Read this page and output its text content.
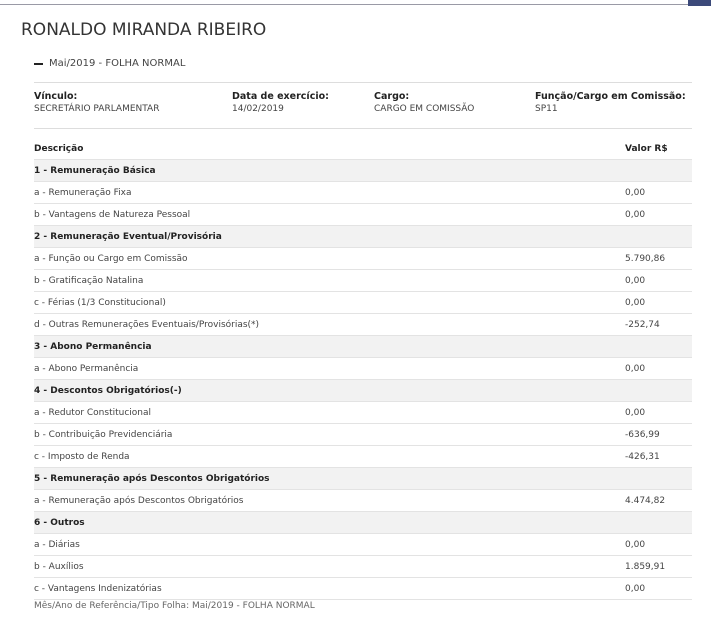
RONALDO MIRANDA RIBEIRO
Mai/2019 - FOLHA NORMAL
Vínculo:
SECRETÁRIO PARLAMENTAR
Data de exercício:
14/02/2019
Cargo:
CARGO EM COMISSÃO
Função/Cargo em Comissão:
SP11
Descrição	Valor R$
1 - Remuneração Básica	
a - Remuneração Fixa	0,00
b - Vantagens de Natureza Pessoal	0,00
2 - Remuneração Eventual/Provisória	
a - Função ou Cargo em Comissão	5.790,86
b - Gratificação Natalina	0,00
c - Férias (1/3 Constitucional)	0,00
d - Outras Remunerações Eventuais/Provisórias(*)	-252,74
3 - Abono Permanência	
a - Abono Permanência	0,00
4 - Descontos Obrigatórios(-)	
a - Redutor Constitucional	0,00
b - Contribuição Previdenciária	-636,99
c - Imposto de Renda	-426,31
5 - Remuneração após Descontos Obrigatórios	
a - Remuneração após Descontos Obrigatórios	4.474,82
6 - Outros	
a - Diárias	0,00
b - Auxílios	1.859,91
c - Vantagens Indenizatórias	0,00
Mês/Ano de Referência/Tipo Folha: Mai/2019 - FOLHA NORMAL
